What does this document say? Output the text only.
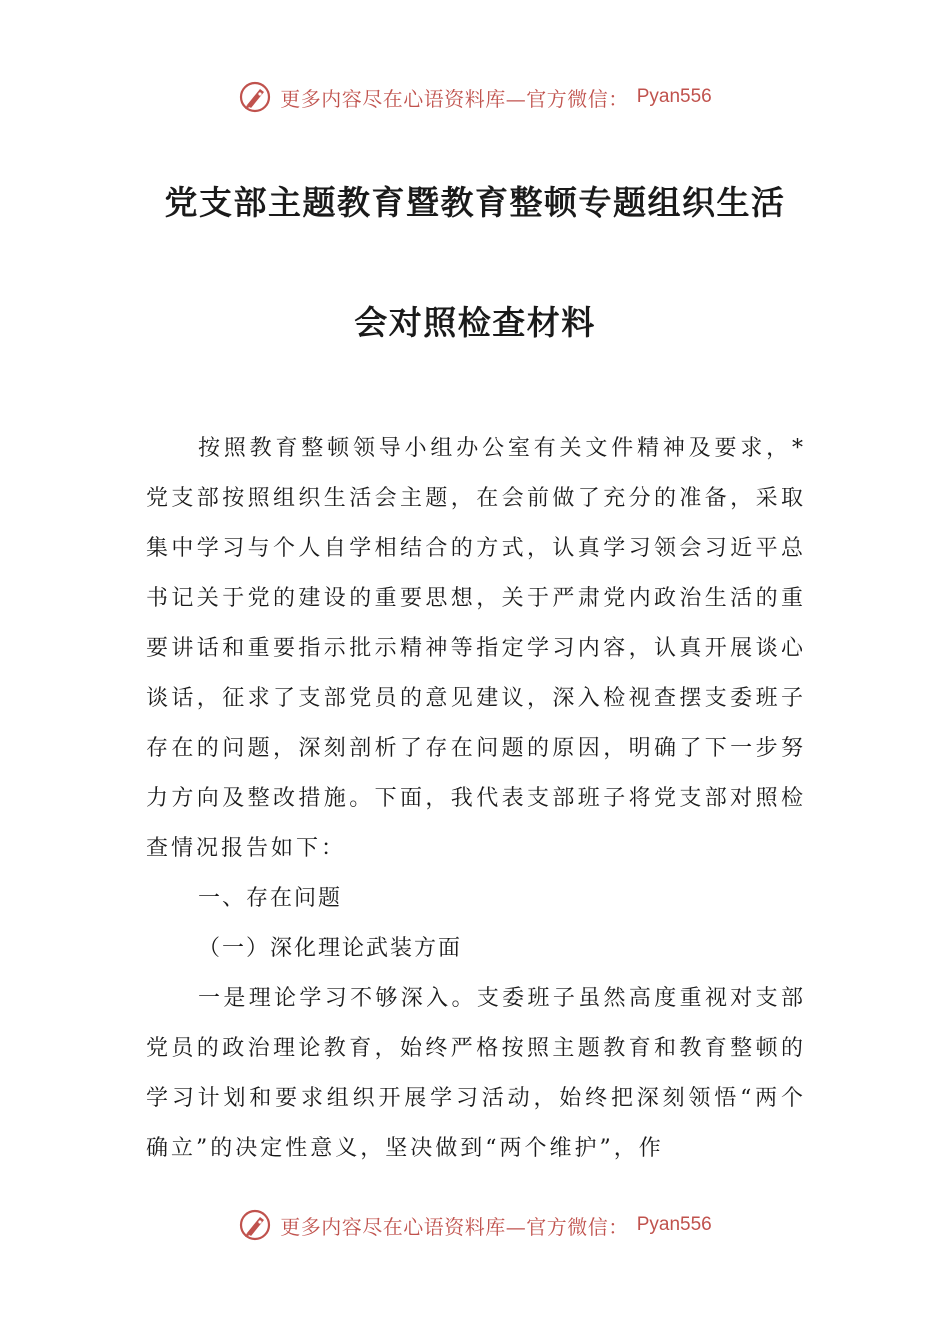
更多内容尽在心语资料库—官方微信： Pyan556
党支部主题教育暨教育整顿专题组织生活
会对照检查材料
按照教育整顿领导小组办公室有关文件精神及要求，*党支部按照组织生活会主题，在会前做了充分的准备，采取集中学习与个人自学相结合的方式，认真学习领会习近平总书记关于党的建设的重要思想，关于严肃党内政治生活的重要讲话和重要指示批示精神等指定学习内容，认真开展谈心谈话，征求了支部党员的意见建议，深入检视查摆支委班子存在的问题，深刻剖析了存在问题的原因，明确了下一步努力方向及整改措施。下面，我代表支部班子将党支部对照检查情况报告如下：
一、存在问题
（一）深化理论武装方面
一是理论学习不够深入。支委班子虽然高度重视对支部党员的政治理论教育，始终严格按照主题教育和教育整顿的学习计划和要求组织开展学习活动，始终把深刻领悟“两个确立”的决定性意义，坚决做到“两个维护”，作
更多内容尽在心语资料库—官方微信： Pyan556
